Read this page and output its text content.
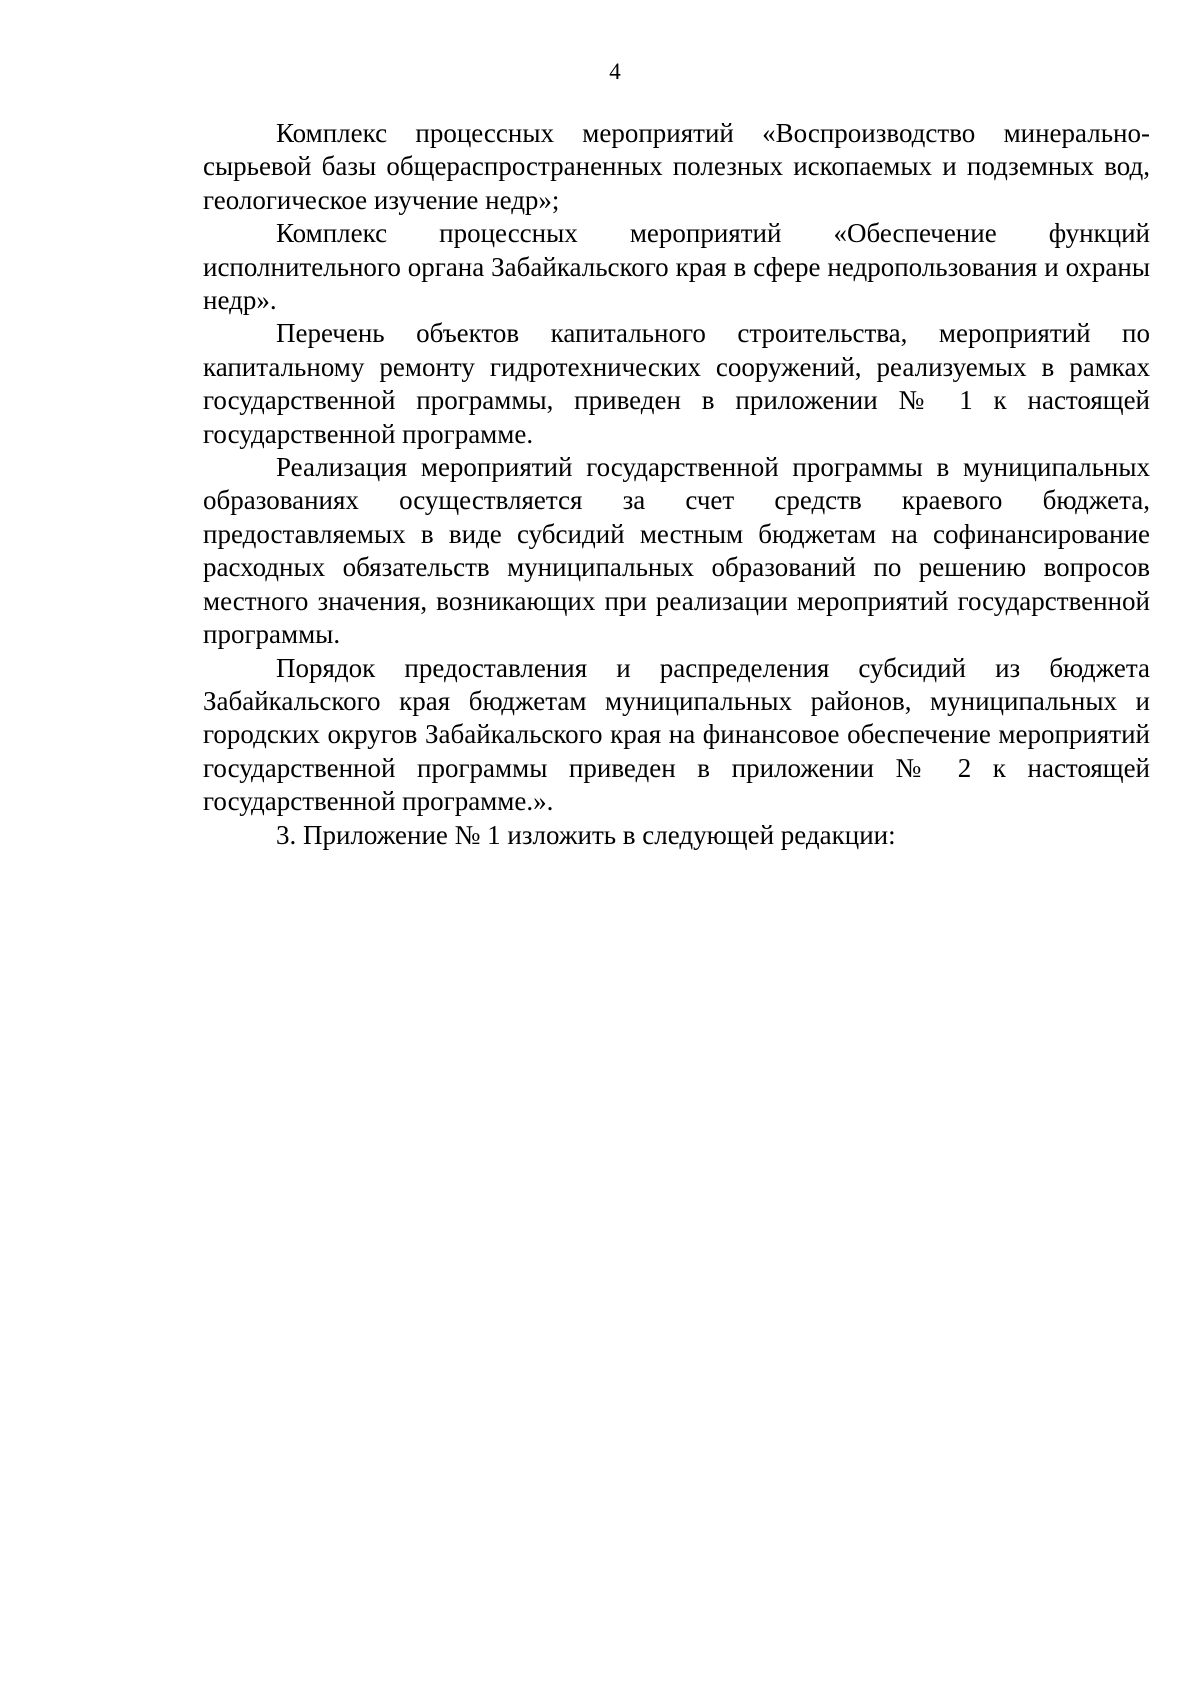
4

Комплекс процессных мероприятий «Воспроизводство минерально-сырьевой базы общераспространенных полезных ископаемых и подземных вод, геологическое изучение недр»;

Комплекс процессных мероприятий «Обеспечение функций исполнительного органа Забайкальского края в сфере недропользования и охраны недр».

Перечень объектов капитального строительства, мероприятий по капитальному ремонту гидротехнических сооружений, реализуемых в рамках государственной программы, приведен в приложении № 1 к настоящей государственной программе.

Реализация мероприятий государственной программы в муниципальных образованиях осуществляется за счет средств краевого бюджета, предоставляемых в виде субсидий местным бюджетам на софинансирование расходных обязательств муниципальных образований по решению вопросов местного значения, возникающих при реализации мероприятий государственной программы.

Порядок предоставления и распределения субсидий из бюджета Забайкальского края бюджетам муниципальных районов, муниципальных и городских округов Забайкальского края на финансовое обеспечение мероприятий государственной программы приведен в приложении № 2 к настоящей государственной программе.».

3. Приложение № 1 изложить в следующей редакции:
